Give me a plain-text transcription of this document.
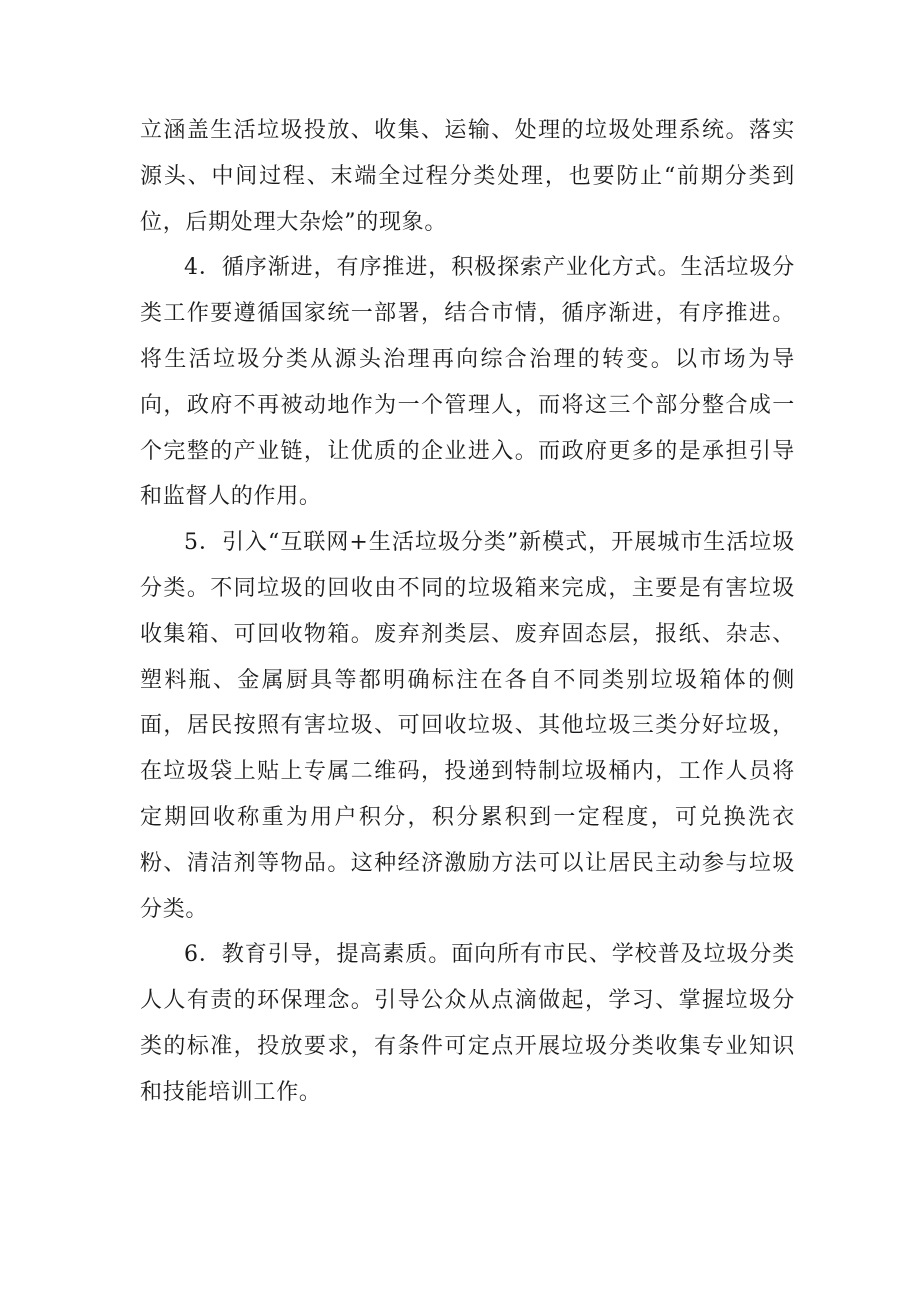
立涵盖生活垃圾投放、收集、运输、处理的垃圾处理系统。落实源头、中间过程、末端全过程分类处理，也要防止“前期分类到位，后期处理大杂烩”的现象。

4．循序渐进，有序推进，积极探索产业化方式。生活垃圾分类工作要遵循国家统一部署，结合市情，循序渐进，有序推进。将生活垃圾分类从源头治理再向综合治理的转变。以市场为导向，政府不再被动地作为一个管理人，而将这三个部分整合成一个完整的产业链，让优质的企业进入。而政府更多的是承担引导和监督人的作用。

5．引入“互联网+生活垃圾分类”新模式，开展城市生活垃圾分类。不同垃圾的回收由不同的垃圾箱来完成，主要是有害垃圾收集箱、可回收物箱。废弃剂类层、废弃固态层，报纸、杂志、塑料瓶、金属厨具等都明确标注在各自不同类别垃圾箱体的侧面，居民按照有害垃圾、可回收垃圾、其他垃圾三类分好垃圾，在垃圾袋上贴上专属二维码，投递到特制垃圾桶内，工作人员将定期回收称重为用户积分，积分累积到一定程度，可兑换洗衣粉、清洁剂等物品。这种经济激励方法可以让居民主动参与垃圾分类。

6．教育引导，提高素质。面向所有市民、学校普及垃圾分类人人有责的环保理念。引导公众从点滴做起，学习、掌握垃圾分类的标准，投放要求，有条件可定点开展垃圾分类收集专业知识和技能培训工作。
